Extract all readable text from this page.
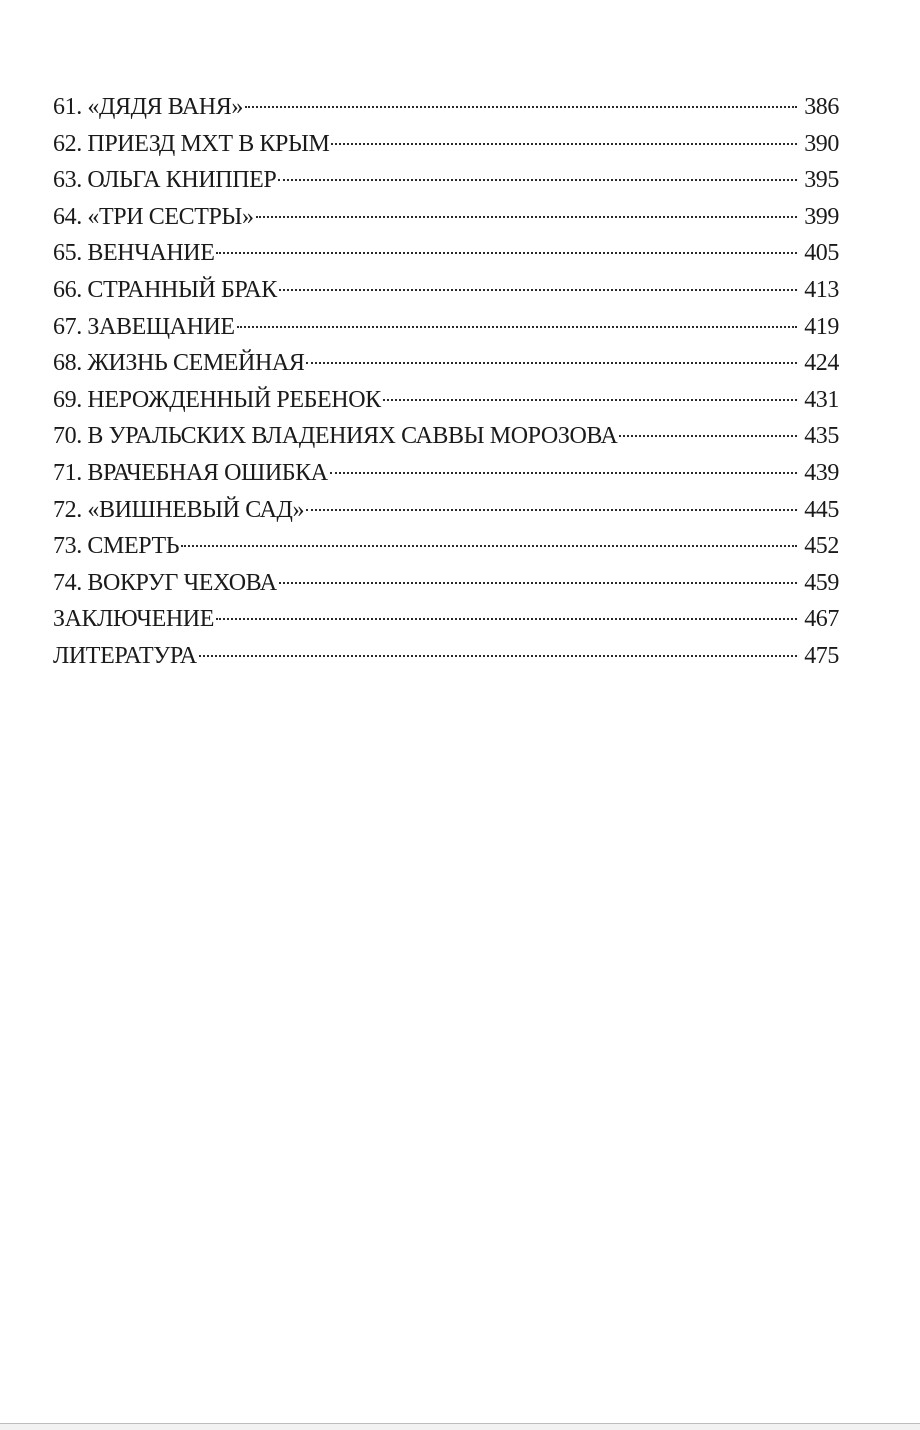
61. «ДЯДЯ ВАНЯ»	386
62. ПРИЕЗД МХТ В КРЫМ	390
63. ОЛЬГА КНИППЕР	395
64. «ТРИ СЕСТРЫ»	399
65. ВЕНЧАНИЕ	405
66. СТРАННЫЙ БРАК	413
67. ЗАВЕЩАНИЕ	419
68. ЖИЗНЬ СЕМЕЙНАЯ	424
69. НЕРОЖДЕННЫЙ РЕБЕНОК	431
70. В УРАЛЬСКИХ ВЛАДЕНИЯХ САВВЫ МОРОЗОВА	435
71. ВРАЧЕБНАЯ ОШИБКА	439
72. «ВИШНЕВЫЙ САД»	445
73. СМЕРТЬ	452
74. ВОКРУГ ЧЕХОВА	459
ЗАКЛЮЧЕНИЕ	467
ЛИТЕРАТУРА	475
